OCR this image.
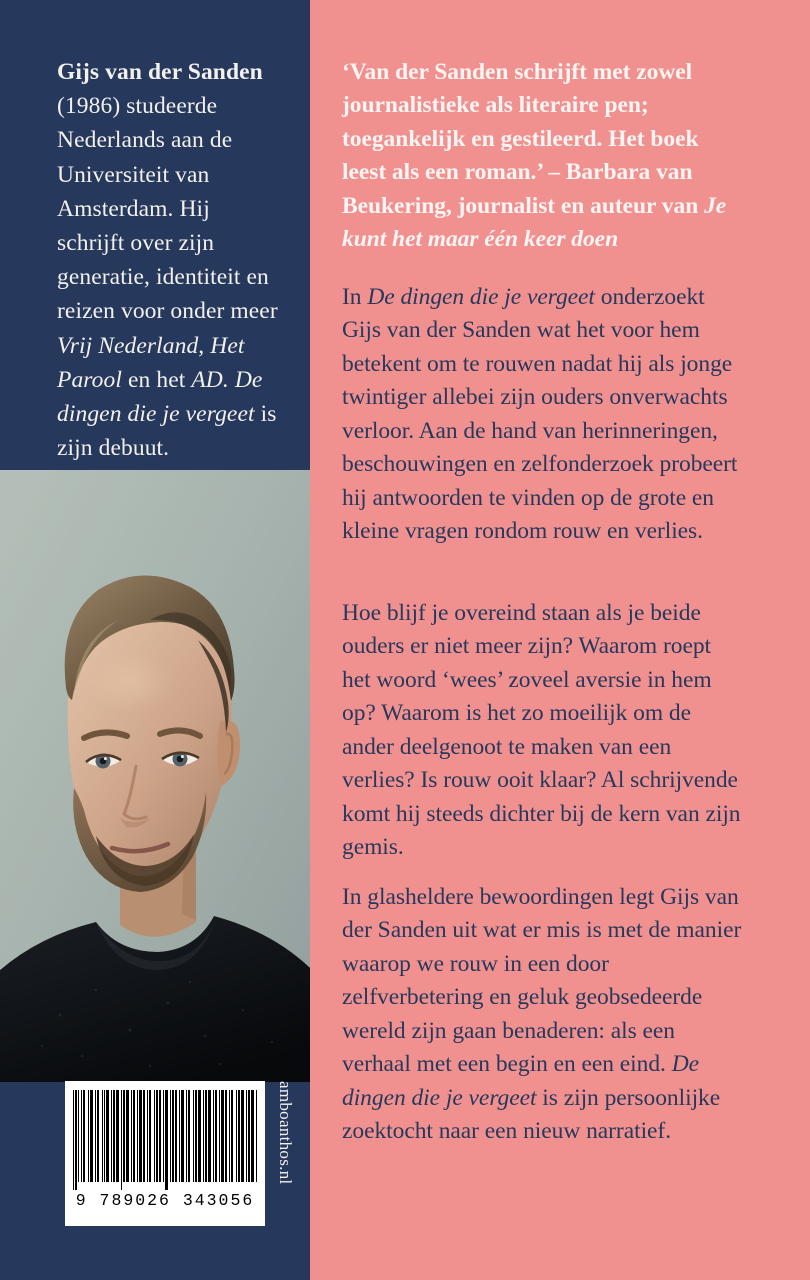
Gijs van der Sanden (1986) studeerde Nederlands aan de Universiteit van Amsterdam. Hij schrijft over zijn generatie, identiteit en reizen voor onder meer Vrij Nederland, Het Parool en het AD. De dingen die je vergeet is zijn debuut.
9 789026 343056
amboanthos.nl
‘Van der Sanden schrijft met zowel journalistieke als literaire pen; toegankelijk en gestileerd. Het boek leest als een roman.’ – Barbara van Beukering, journalist en auteur van Je kunt het maar één keer doen
In De dingen die je vergeet onderzoekt Gijs van der Sanden wat het voor hem betekent om te rouwen nadat hij als jonge twintiger allebei zijn ouders onverwachts verloor. Aan de hand van herinneringen, beschouwingen en zelfonderzoek probeert hij antwoorden te vinden op de grote en kleine vragen rondom rouw en verlies.
Hoe blijf je overeind staan als je beide ouders er niet meer zijn? Waarom roept het woord ‘wees’ zoveel aversie in hem op? Waarom is het zo moeilijk om de ander deelgenoot te maken van een verlies? Is rouw ooit klaar? Al schrijvende komt hij steeds dichter bij de kern van zijn gemis.
In glasheldere bewoordingen legt Gijs van der Sanden uit wat er mis is met de manier waarop we rouw in een door zelfverbetering en geluk geobsedeerde wereld zijn gaan benaderen: als een verhaal met een begin en een eind. De dingen die je vergeet is zijn persoonlijke zoektocht naar een nieuw narratief.
